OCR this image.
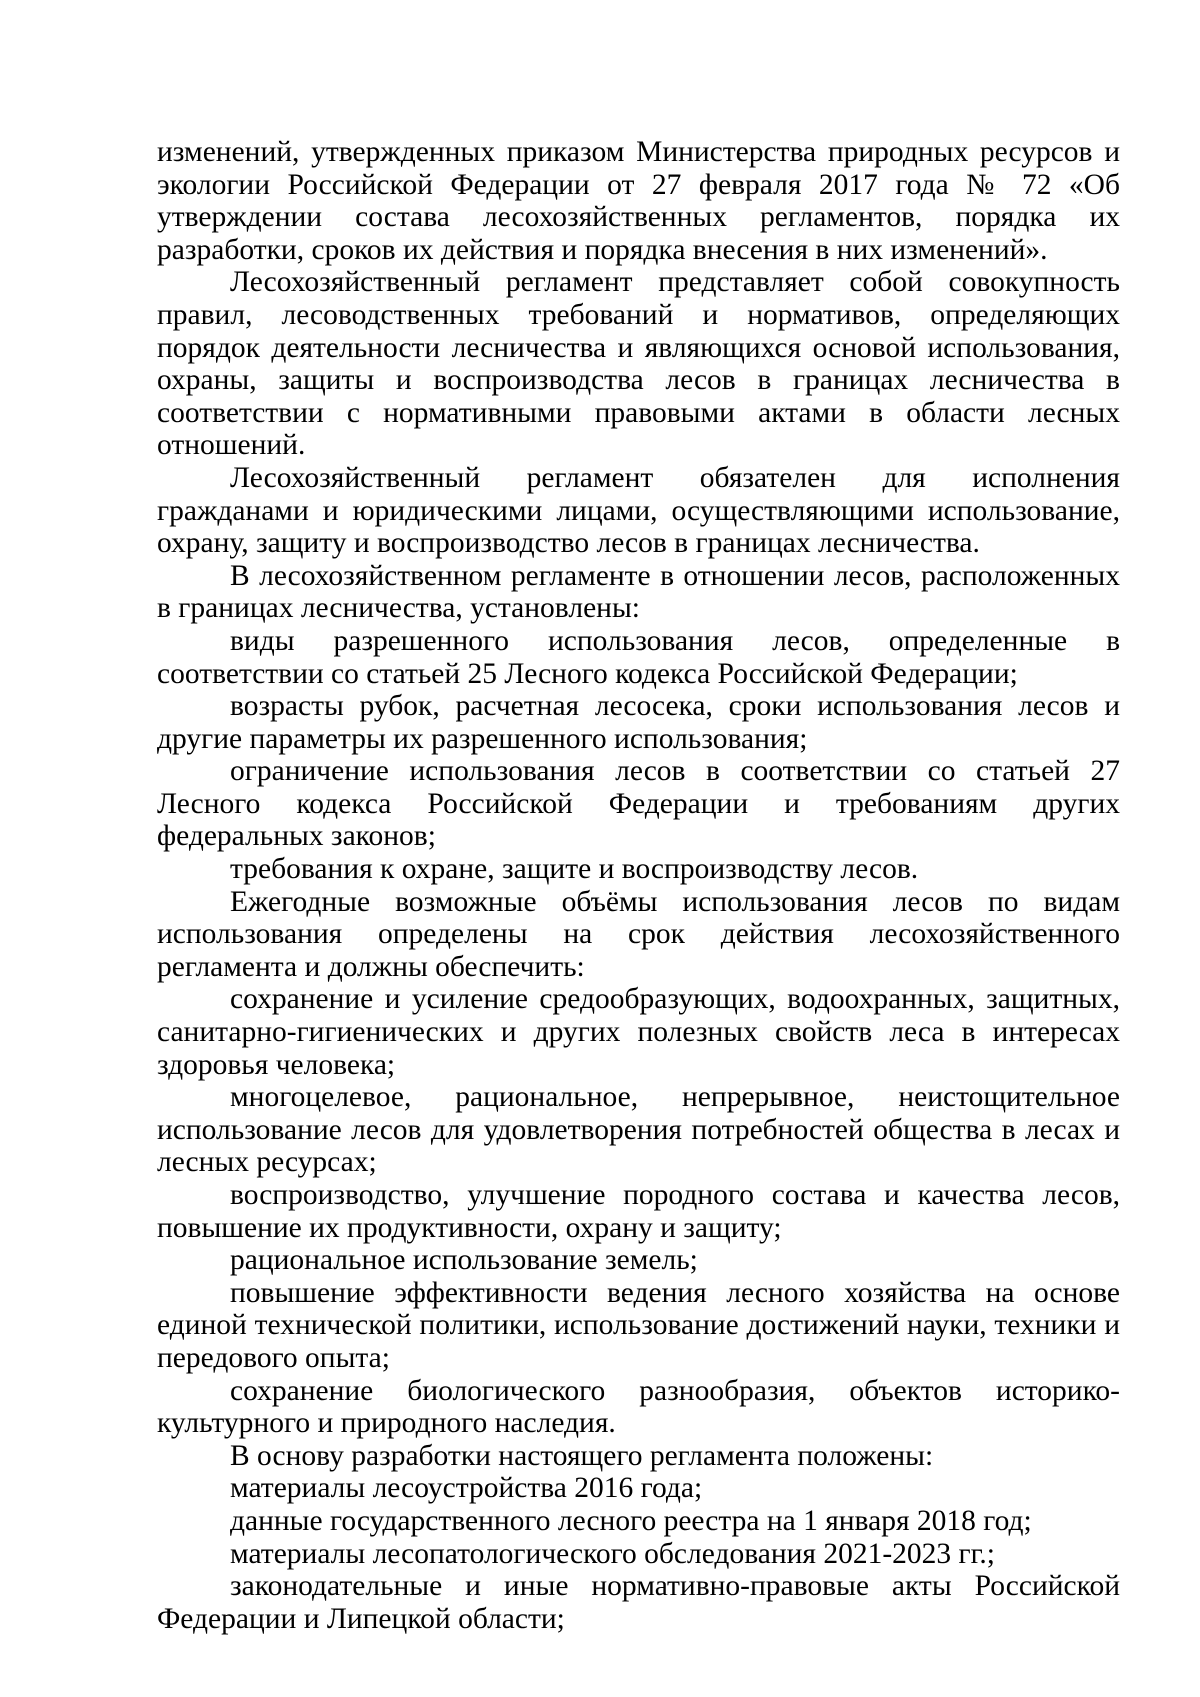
изменений, утвержденных приказом Министерства природных ресурсов и экологии Российской Федерации от 27 февраля 2017 года № 72 «Об утверждении состава лесохозяйственных регламентов, порядка их разработки, сроков их действия и порядка внесения в них изменений».

Лесохозяйственный регламент представляет собой совокупность правил, лесоводственных требований и нормативов, определяющих порядок деятельности лесничества и являющихся основой использования, охраны, защиты и воспроизводства лесов в границах лесничества в соответствии с нормативными правовыми актами в области лесных отношений.

Лесохозяйственный регламент обязателен для исполнения гражданами и юридическими лицами, осуществляющими использование, охрану, защиту и воспроизводство лесов в границах лесничества.

В лесохозяйственном регламенте в отношении лесов, расположенных в границах лесничества, установлены:

виды разрешенного использования лесов, определенные в соответствии со статьей 25 Лесного кодекса Российской Федерации;

возрасты рубок, расчетная лесосека, сроки использования лесов и другие параметры их разрешенного использования;

ограничение использования лесов в соответствии со статьей 27 Лесного кодекса Российской Федерации и требованиям других федеральных законов;

требования к охране, защите и воспроизводству лесов.

Ежегодные возможные объёмы использования лесов по видам использования определены на срок действия лесохозяйственного регламента и должны обеспечить:

сохранение и усиление средообразующих, водоохранных, защитных, санитарно-гигиенических и других полезных свойств леса в интересах здоровья человека;

многоцелевое, рациональное, непрерывное, неистощительное использование лесов для удовлетворения потребностей общества в лесах и лесных ресурсах;

воспроизводство, улучшение породного состава и качества лесов, повышение их продуктивности, охрану и защиту;

рациональное использование земель;

повышение эффективности ведения лесного хозяйства на основе единой технической политики, использование достижений науки, техники и передового опыта;

сохранение биологического разнообразия, объектов историко-культурного и природного наследия.

В основу разработки настоящего регламента положены:

материалы лесоустройства 2016 года;

данные государственного лесного реестра на 1 января 2018 год;

материалы лесопатологического обследования 2021-2023 гг.;

законодательные и иные нормативно-правовые акты Российской Федерации и Липецкой области;
